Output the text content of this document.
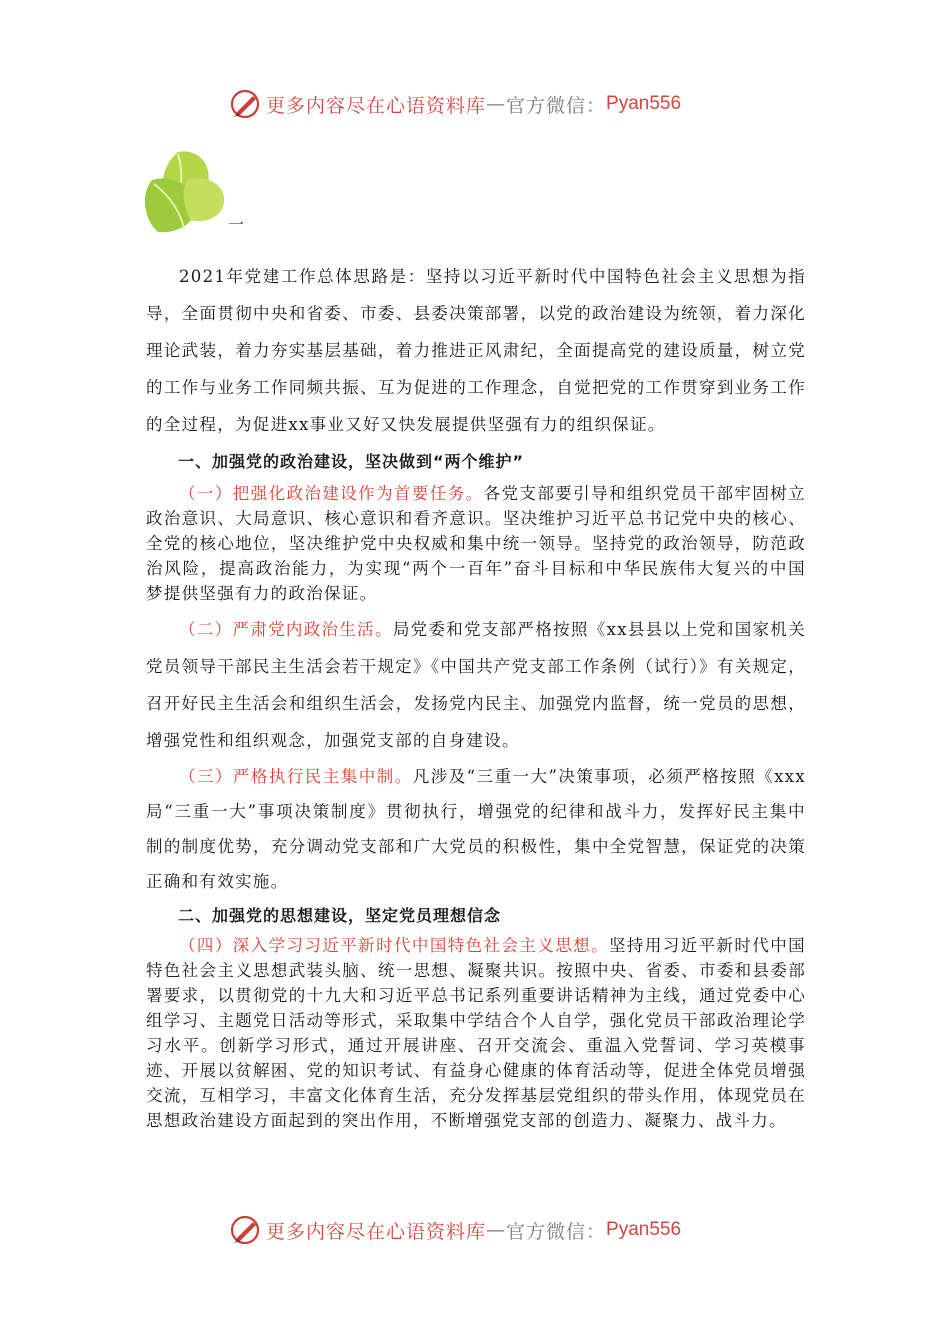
更多内容尽在心语资料库 — 官方微信： Pyan556
一

2021年党建工作总体思路是：坚持以习近平新时代中国特色社会主义思想为指导，全面贯彻中央和省委、市委、县委决策部署，以党的政治建设为统领，着力深化理论武装，着力夯实基层基础，着力推进正风肃纪，全面提高党的建设质量，树立党的工作与业务工作同频共振、互为促进的工作理念，自觉把党的工作贯穿到业务工作的全过程，为促进xx事业又好又快发展提供坚强有力的组织保证。

一、加强党的政治建设，坚决做到“两个维护”

（一）把强化政治建设作为首要任务。各党支部要引导和组织党员干部牢固树立政治意识、大局意识、核心意识和看齐意识。坚决维护习近平总书记党中央的核心、全党的核心地位，坚决维护党中央权威和集中统一领导。坚持党的政治领导，防范政治风险，提高政治能力，为实现“两个一百年”奋斗目标和中华民族伟大复兴的中国梦提供坚强有力的政治保证。

（二）严肃党内政治生活。局党委和党支部严格按照《xx县县以上党和国家机关党员领导干部民主生活会若干规定》《中国共产党支部工作条例（试行）》有关规定，召开好民主生活会和组织生活会，发扬党内民主、加强党内监督，统一党员的思想，增强党性和组织观念，加强党支部的自身建设。

（三）严格执行民主集中制。凡涉及“三重一大”决策事项，必须严格按照《xxx局“三重一大”事项决策制度》贯彻执行，增强党的纪律和战斗力，发挥好民主集中制的制度优势，充分调动党支部和广大党员的积极性，集中全党智慧，保证党的决策正确和有效实施。

二、加强党的思想建设，坚定党员理想信念

（四）深入学习习近平新时代中国特色社会主义思想。坚持用习近平新时代中国特色社会主义思想武装头脑、统一思想、凝聚共识。按照中央、省委、市委和县委部署要求，以贯彻党的十九大和习近平总书记系列重要讲话精神为主线，通过党委中心组学习、主题党日活动等形式，采取集中学结合个人自学，强化党员干部政治理论学习水平。创新学习形式，通过开展讲座、召开交流会、重温入党誓词、学习英模事迹、开展以贫解困、党的知识考试、有益身心健康的体育活动等，促进全体党员增强交流，互相学习，丰富文化体育生活，充分发挥基层党组织的带头作用，体现党员在思想政治建设方面起到的突出作用，不断增强党支部的创造力、凝聚力、战斗力。

更多内容尽在心语资料库 — 官方微信： Pyan556
